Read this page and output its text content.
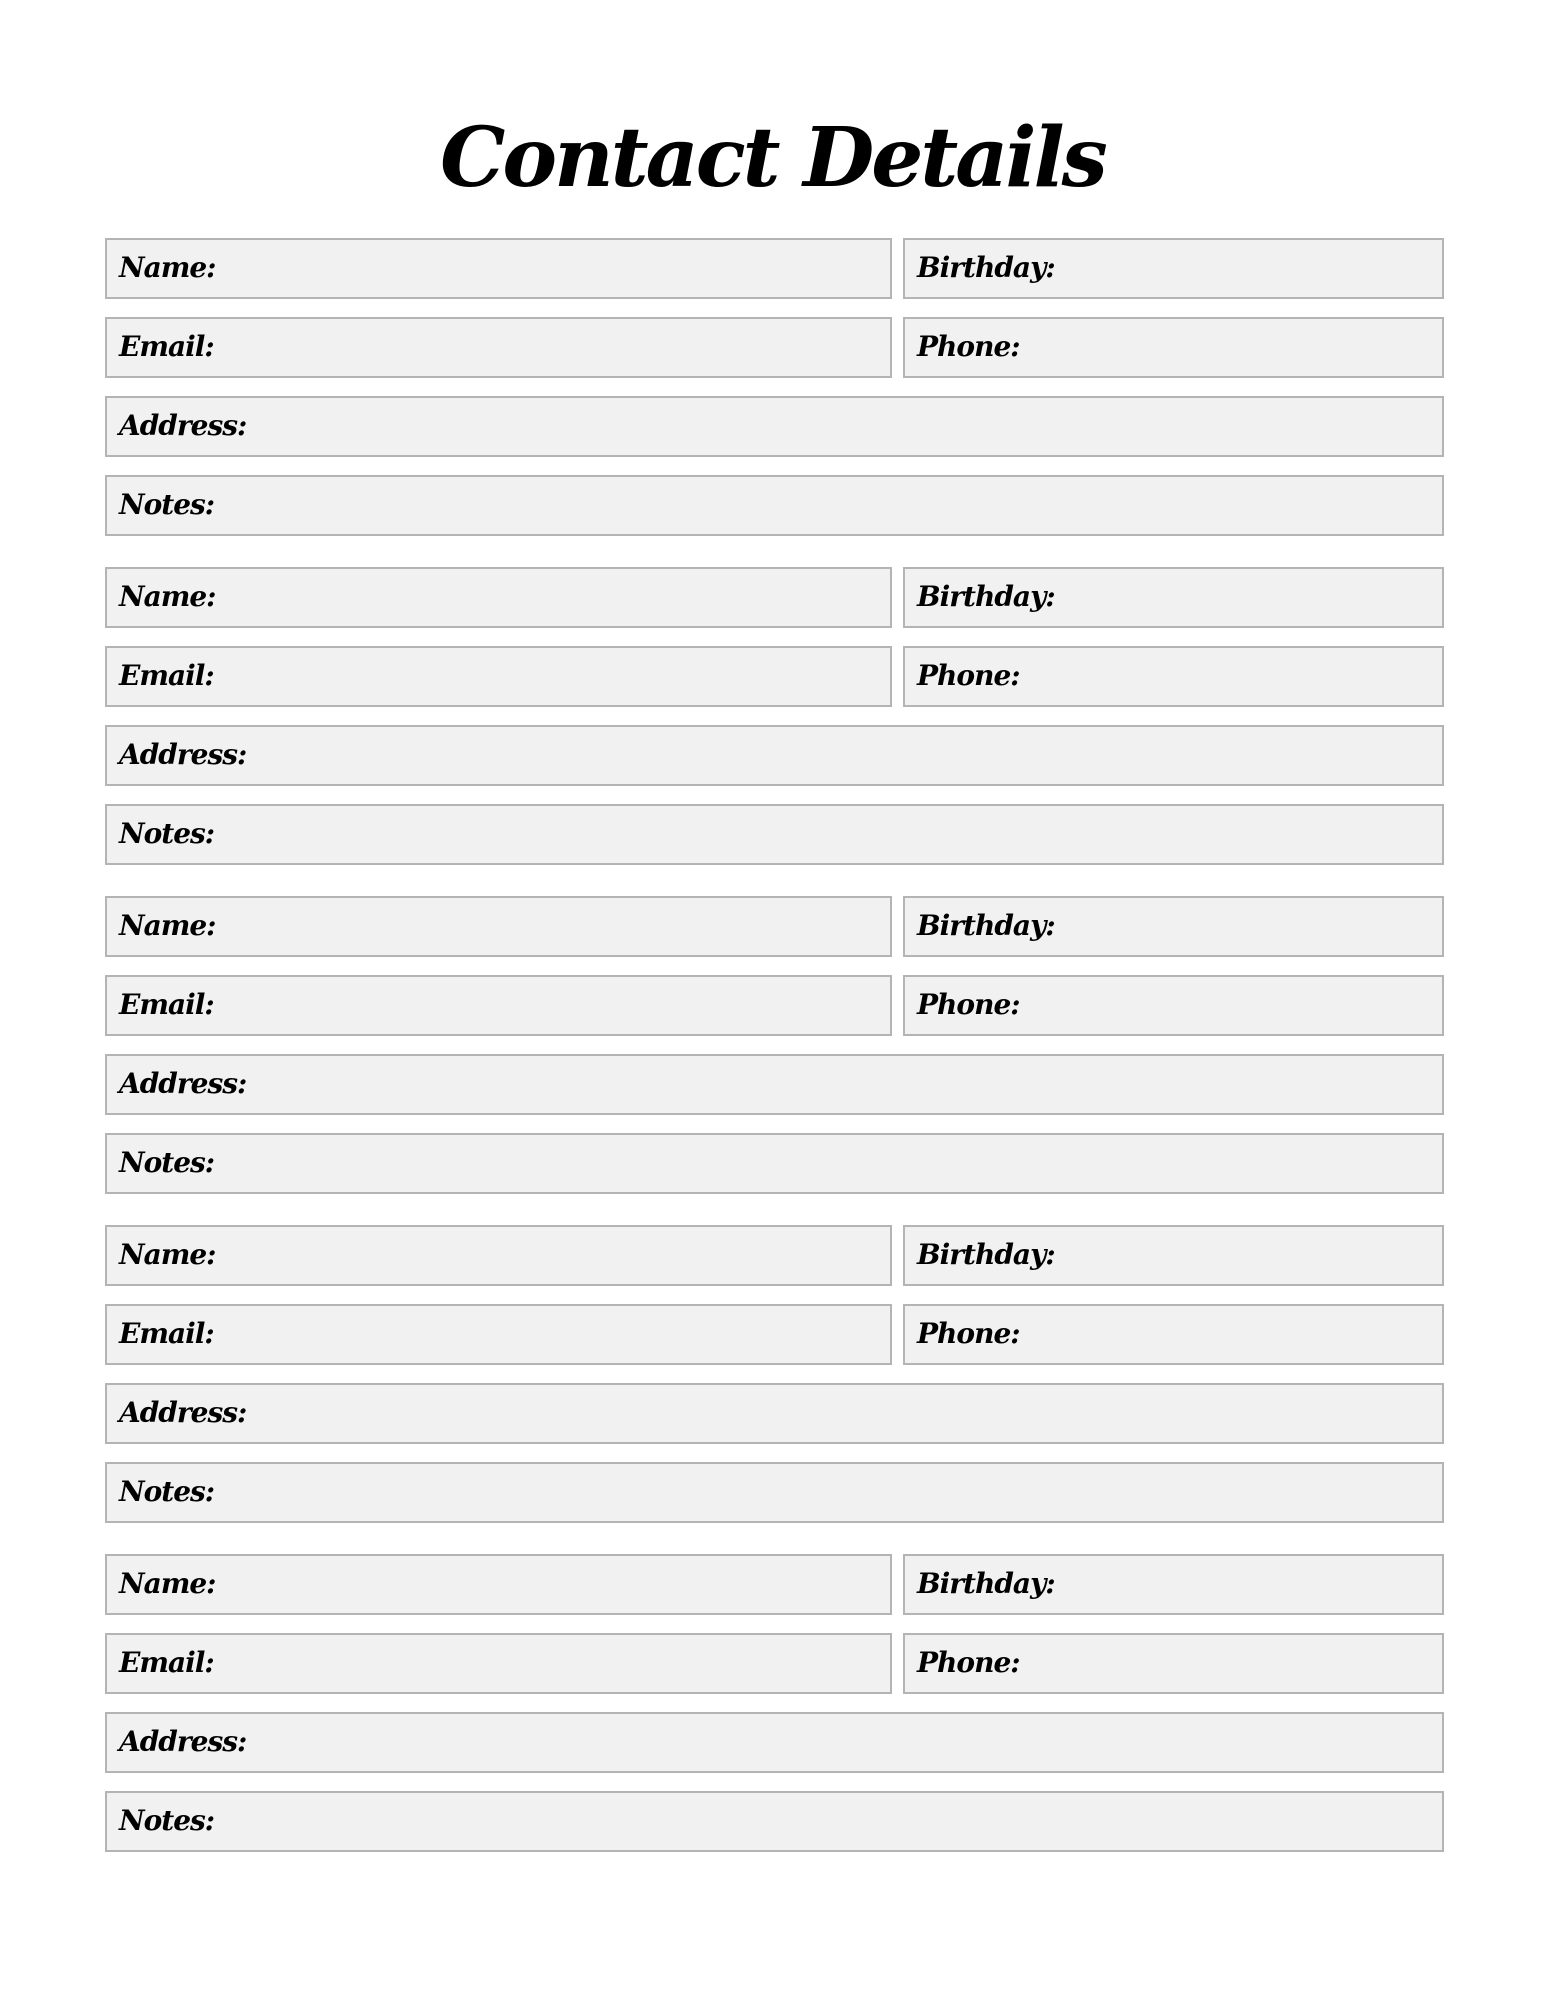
Contact Details
Name:	Birthday:
Email:	Phone:
Address:
Notes:
Name:	Birthday:
Email:	Phone:
Address:
Notes:
Name:	Birthday:
Email:	Phone:
Address:
Notes:
Name:	Birthday:
Email:	Phone:
Address:
Notes:
Name:	Birthday:
Email:	Phone:
Address:
Notes:
